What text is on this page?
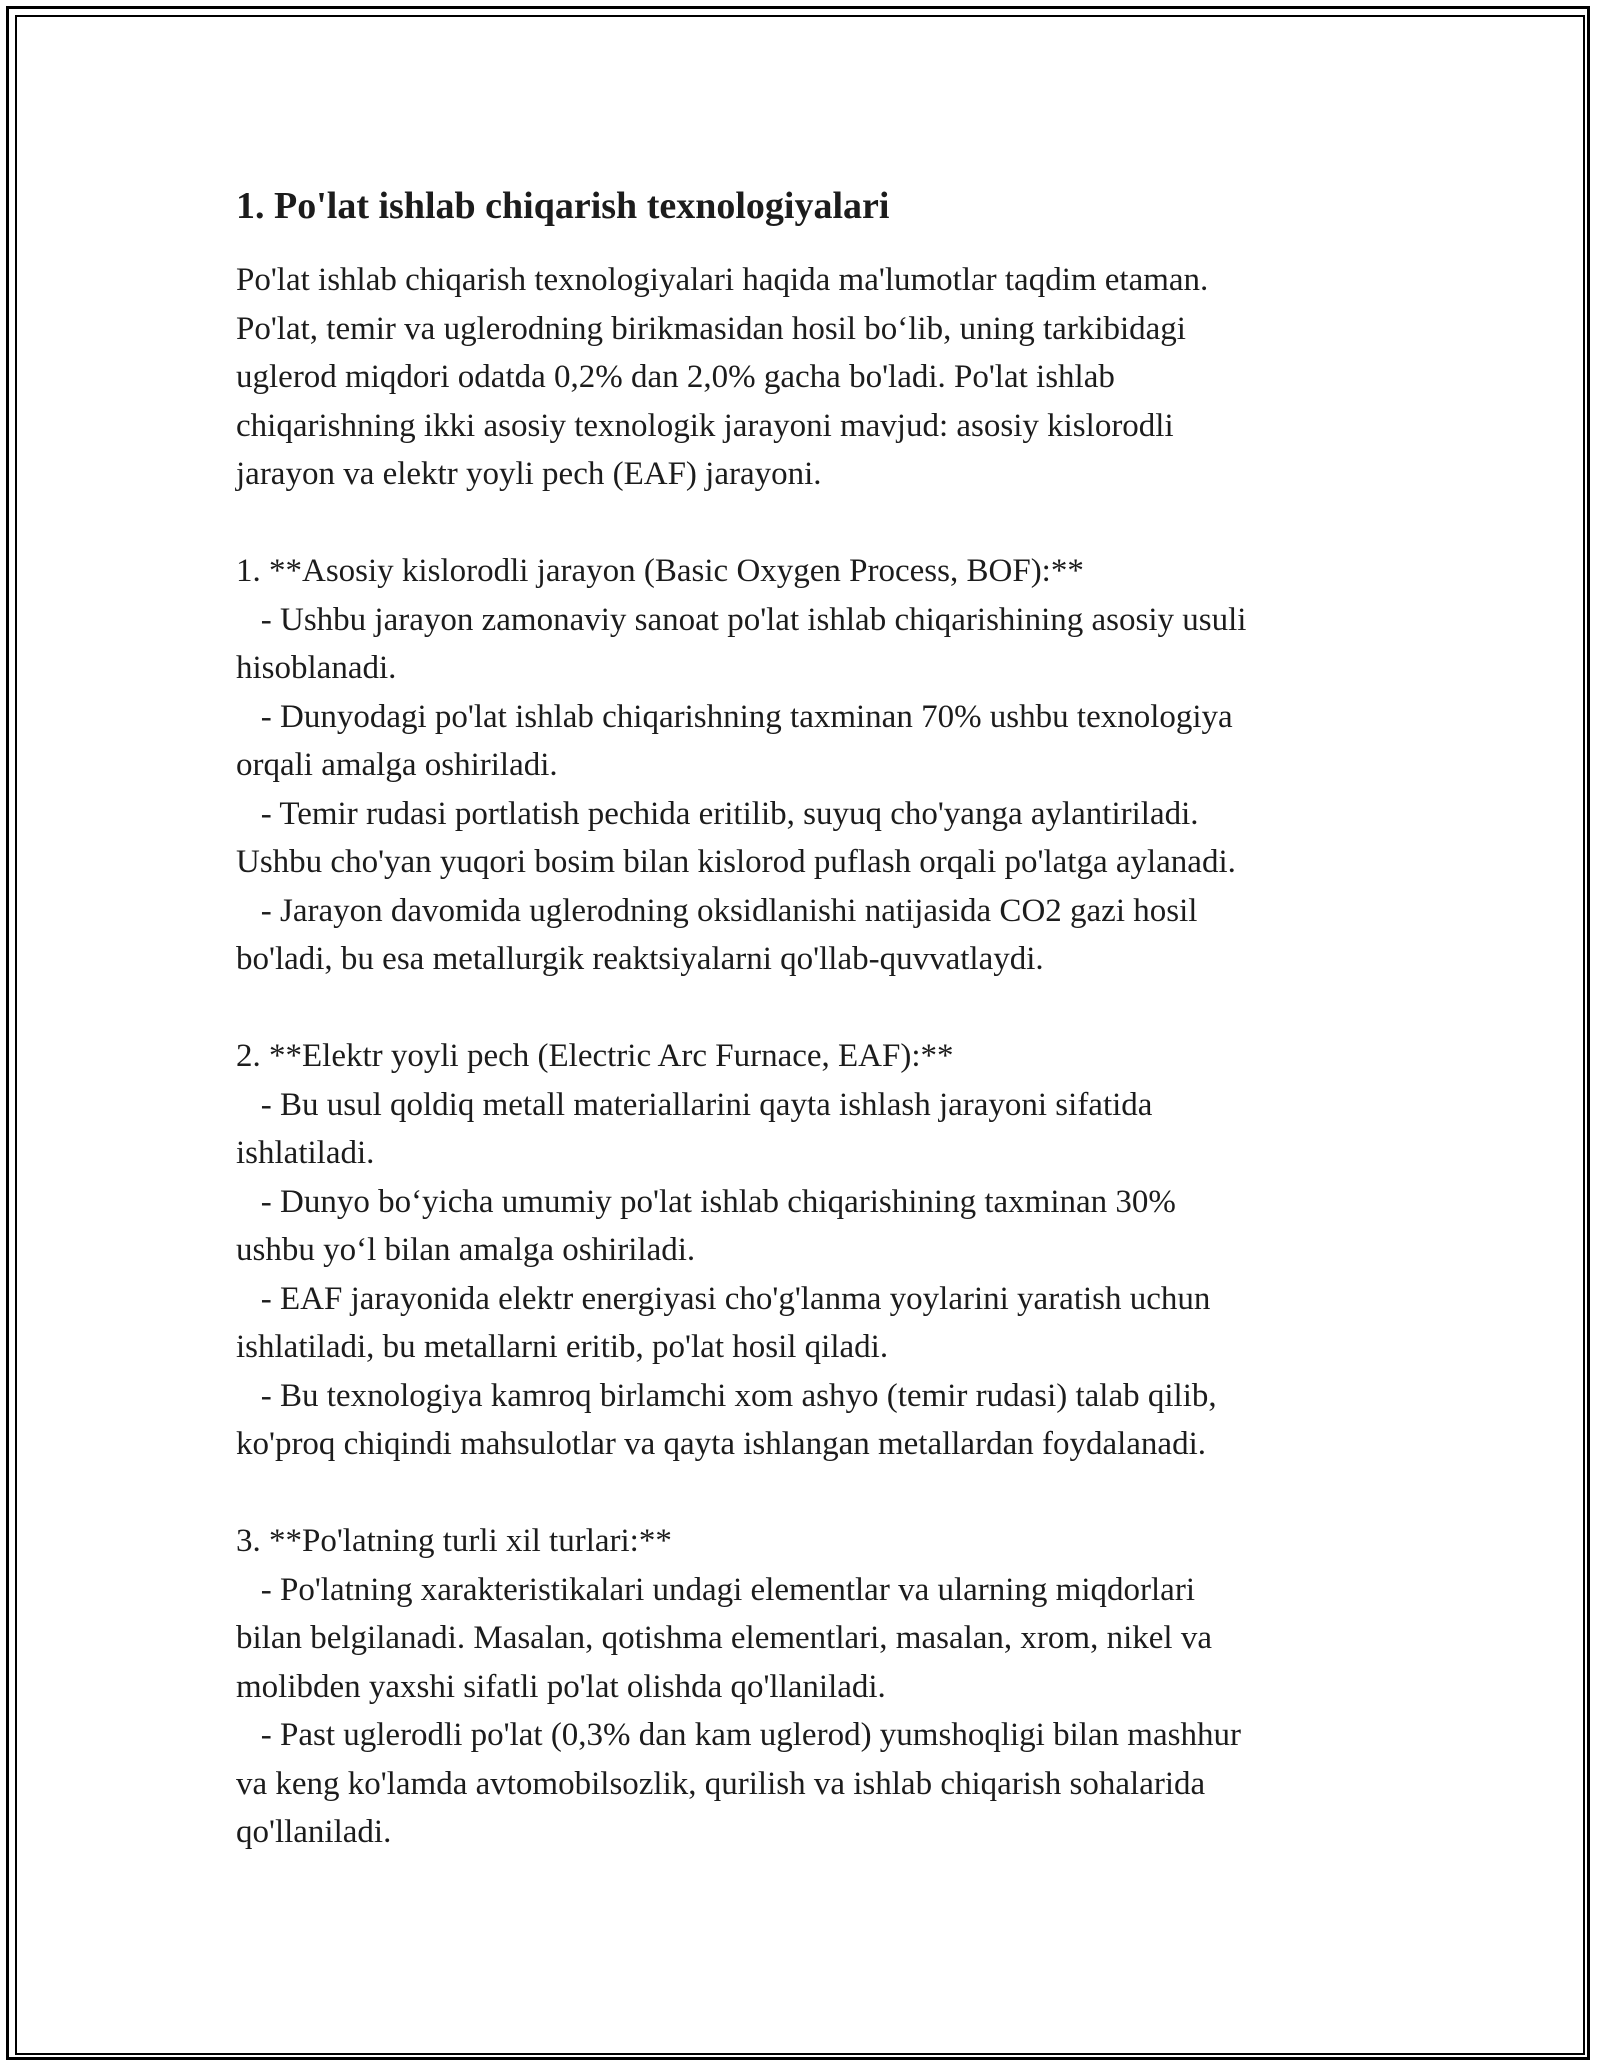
1. Po'lat ishlab chiqarish texnologiyalari
Po'lat ishlab chiqarish texnologiyalari haqida ma'lumotlar taqdim etaman.
Po'lat, temir va uglerodning birikmasidan hosil bo‘lib, uning tarkibidagi
uglerod miqdori odatda 0,2% dan 2,0% gacha bo'ladi. Po'lat ishlab
chiqarishning ikki asosiy texnologik jarayoni mavjud: asosiy kislorodli
jarayon va elektr yoyli pech (EAF) jarayoni.
1. **Asosiy kislorodli jarayon (Basic Oxygen Process, BOF):**
- Ushbu jarayon zamonaviy sanoat po'lat ishlab chiqarishining asosiy usuli
hisoblanadi.
- Dunyodagi po'lat ishlab chiqarishning taxminan 70% ushbu texnologiya
orqali amalga oshiriladi.
- Temir rudasi portlatish pechida eritilib, suyuq cho'yanga aylantiriladi.
Ushbu cho'yan yuqori bosim bilan kislorod puflash orqali po'latga aylanadi.
- Jarayon davomida uglerodning oksidlanishi natijasida CO2 gazi hosil
bo'ladi, bu esa metallurgik reaktsiyalarni qo'llab-quvvatlaydi.
2. **Elektr yoyli pech (Electric Arc Furnace, EAF):**
- Bu usul qoldiq metall materiallarini qayta ishlash jarayoni sifatida
ishlatiladi.
- Dunyo bo‘yicha umumiy po'lat ishlab chiqarishining taxminan 30%
ushbu yo‘l bilan amalga oshiriladi.
- EAF jarayonida elektr energiyasi cho'g'lanma yoylarini yaratish uchun
ishlatiladi, bu metallarni eritib, po'lat hosil qiladi.
- Bu texnologiya kamroq birlamchi xom ashyo (temir rudasi) talab qilib,
ko'proq chiqindi mahsulotlar va qayta ishlangan metallardan foydalanadi.
3. **Po'latning turli xil turlari:**
- Po'latning xarakteristikalari undagi elementlar va ularning miqdorlari
bilan belgilanadi. Masalan, qotishma elementlari, masalan, xrom, nikel va
molibden yaxshi sifatli po'lat olishda qo'llaniladi.
- Past uglerodli po'lat (0,3% dan kam uglerod) yumshoqligi bilan mashhur
va keng ko'lamda avtomobilsozlik, qurilish va ishlab chiqarish sohalarida
qo'llaniladi.
